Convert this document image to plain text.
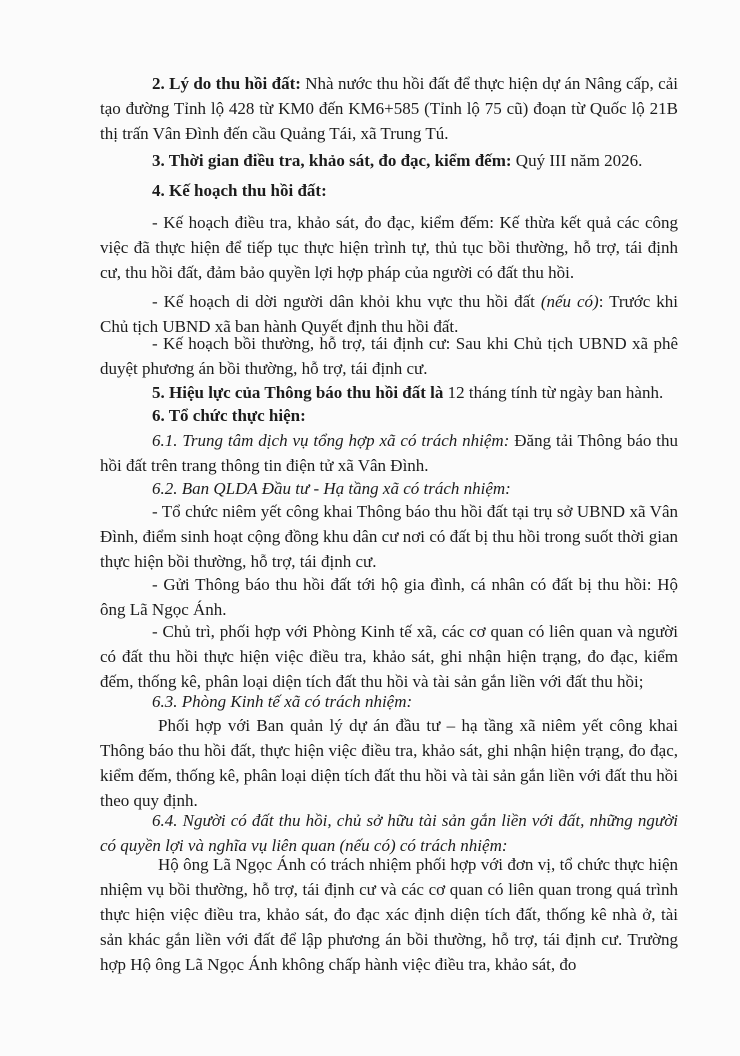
2. Lý do thu hồi đất: Nhà nước thu hồi đất để thực hiện dự án Nâng cấp, cải tạo đường Tỉnh lộ 428 từ KM0 đến KM6+585 (Tỉnh lộ 75 cũ) đoạn từ Quốc lộ 21B thị trấn Vân Đình đến cầu Quảng Tái, xã Trung Tú.
3. Thời gian điều tra, khảo sát, đo đạc, kiểm đếm: Quý III năm 2026.
4. Kế hoạch thu hồi đất:
- Kế hoạch điều tra, khảo sát, đo đạc, kiểm đếm: Kế thừa kết quả các công việc đã thực hiện để tiếp tục thực hiện trình tự, thủ tục bồi thường, hỗ trợ, tái định cư, thu hồi đất, đảm bảo quyền lợi hợp pháp của người có đất thu hồi.
- Kế hoạch di dời người dân khỏi khu vực thu hồi đất (nếu có): Trước khi Chủ tịch UBND xã ban hành Quyết định thu hồi đất.
- Kế hoạch bồi thường, hỗ trợ, tái định cư: Sau khi Chủ tịch UBND xã phê duyệt phương án bồi thường, hỗ trợ, tái định cư.
5. Hiệu lực của Thông báo thu hồi đất là 12 tháng tính từ ngày ban hành.
6. Tổ chức thực hiện:
6.1. Trung tâm dịch vụ tổng hợp xã có trách nhiệm: Đăng tải Thông báo thu hồi đất trên trang thông tin điện tử xã Vân Đình.
6.2. Ban QLDA Đầu tư - Hạ tầng xã có trách nhiệm:
- Tổ chức niêm yết công khai Thông báo thu hồi đất tại trụ sở UBND xã Vân Đình, điểm sinh hoạt cộng đồng khu dân cư nơi có đất bị thu hồi trong suốt thời gian thực hiện bồi thường, hỗ trợ, tái định cư.
- Gửi Thông báo thu hồi đất tới hộ gia đình, cá nhân có đất bị thu hồi: Hộ ông Lã Ngọc Ánh.
- Chủ trì, phối hợp với Phòng Kinh tế xã, các cơ quan có liên quan và người có đất thu hồi thực hiện việc điều tra, khảo sát, ghi nhận hiện trạng, đo đạc, kiểm đếm, thống kê, phân loại diện tích đất thu hồi và tài sản gắn liền với đất thu hồi;
6.3. Phòng Kinh tế xã có trách nhiệm:
Phối hợp với Ban quản lý dự án đầu tư – hạ tầng xã niêm yết công khai Thông báo thu hồi đất, thực hiện việc điều tra, khảo sát, ghi nhận hiện trạng, đo đạc, kiểm đếm, thống kê, phân loại diện tích đất thu hồi và tài sản gắn liền với đất thu hồi theo quy định.
6.4. Người có đất thu hồi, chủ sở hữu tài sản gắn liền với đất, những người có quyền lợi và nghĩa vụ liên quan (nếu có) có trách nhiệm:
Hộ ông Lã Ngọc Ánh có trách nhiệm phối hợp với đơn vị, tổ chức thực hiện nhiệm vụ bồi thường, hỗ trợ, tái định cư và các cơ quan có liên quan trong quá trình thực hiện việc điều tra, khảo sát, đo đạc xác định diện tích đất, thống kê nhà ở, tài sản khác gắn liền với đất để lập phương án bồi thường, hỗ trợ, tái định cư. Trường hợp Hộ ông Lã Ngọc Ánh không chấp hành việc điều tra, khảo sát, đo
